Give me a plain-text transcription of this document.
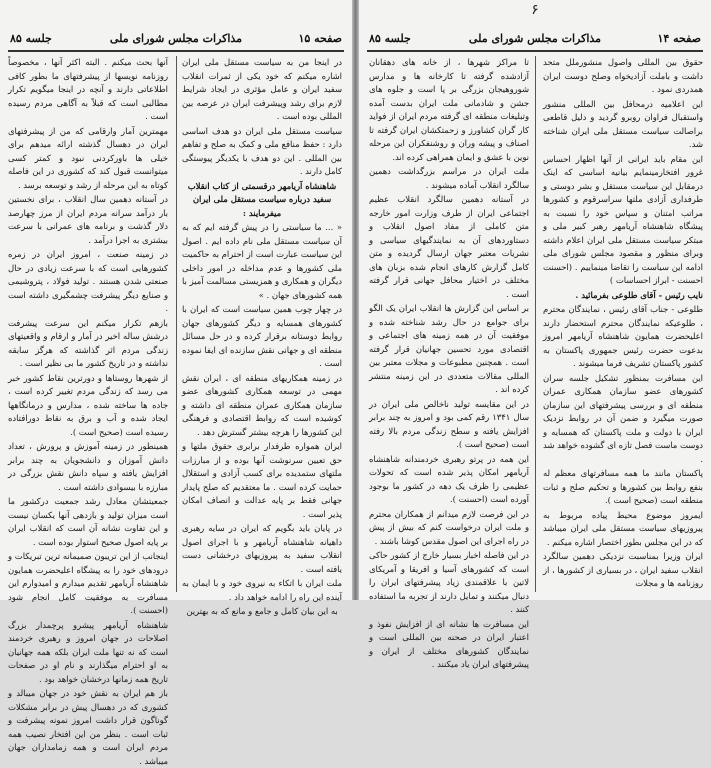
صفحه ۱۵
مذاکرات مجلس شورای ملی
جلسه ۸۵

در اینجا من به سیاست مستقل ملی ایران اشاره میکنم که خود یکی از ثمرات انقلاب سفید ایران و عامل مؤثری در ایجاد شرایط لازم برای رشد وپیشرفت ایران در عرصه بین المللی بوده است .

سیاست مستقل ملی ایران دو هدف اساسی دارد : حفظ منافع ملی و کمک به صلح و تفاهم بین المللی . این دو هدف با یکدیگر پیوستگی کامل دارند .

شاهنشاه آریامهر درقسمتی از کتاب انقلاب سفید درباره سیاست مستقل ملی ایران میفرمایند :

« ... ما سیاستی را در پیش گرفته ایم که به آن سیاست مستقل ملی نام داده ایم . اصول این سیاست عبارت است از احترام به حاکمیت ملی کشورها و عدم مداخله در امور داخلی دیگران و همکاری و همزیستی مسالمت آمیز با همه کشورهای جهان . »

در چهار چوب همین سیاست است که ایران با کشورهای همسایه و دیگر کشورهای جهان روابط دوستانه برقرار کرده و در حل مسائل منطقه ای و جهانی نقش سازنده ای ایفا نموده است .

در زمینه همکاریهای منطقه ای ، ایران نقش مهمی در توسعه همکاری کشورهای عضو سازمان همکاری عمران منطقه ای داشته و کوشیده است که روابط اقتصادی و فرهنگی این کشورها را هرچه بیشتر گسترش دهد .

ایران همواره طرفدار برابری حقوق ملتها و حق تعیین سرنوشت آنها بوده و از مبارزات ملتهای ستمدیده برای کسب آزادی و استقلال حمایت کرده است . ما معتقدیم که صلح پایدار جهانی فقط بر پایه عدالت و انصاف امکان پذیر است .

در پایان باید بگویم که ایران در سایه رهبری داهیانه شاهنشاه آریامهر و با اجرای اصول انقلاب سفید به پیروزیهای درخشانی دست یافته است .

ملت ایران با اتکاء به نیروی خود و با ایمان به آینده این راه را ادامه خواهد داد .

به این بیان کامل و جامع و مانع که به بهترین

آنها بحث میکنم . البته اکثر آنها ، مخصوصاً روزنامه نویسها از پیشرفتهای ما بطور کافی اطلاعاتی دارند و آنچه در اینجا میگویم تکرار مطالبی است که قبلاً به آگاهی مردم رسیده است .

مهمترین آمار وارقامی که من از پیشرفتهای ایران در دهسال گذشته ارائه میدهم برای خیلی ها باورکردنی نبود و کمتر کسی میتوانست قبول کند که کشوری در این فاصله کوتاه به این مرحله از رشد و توسعه برسد .

در آستانه دهمین سال انقلاب ، برای نخستین بار درآمد سرانه مردم ایران از مرز چهارصد دلار گذشت و برنامه های عمرانی با سرعت بیشتری به اجرا درآمد .

در زمینه صنعت ، امروز ایران در زمره کشورهایی است که با سرعت زیادی در حال صنعتی شدن هستند . تولید فولاد ، پتروشیمی و صنایع دیگر پیشرفت چشمگیری داشته است .

بازهم تکرار میکنم این سرعت پیشرفت درشش ساله اخیر در آمار و ارقام و واقعیتهای زندگی مردم اثر گذاشته که هرگز سابقه نداشته و در تاریخ کشور ما بی نظیر است .

از شهرها روستاها و دورترین نقاط کشور خبر می رسد که زندگی مردم تغییر کرده است ، جاده ها ساخته شده ، مدارس و درمانگاهها ایجاد شده و آب و برق به نقاط دورافتاده رسیده است (صحیح است ).

همینطور در زمینه آموزش و پرورش ، تعداد دانش آموزان و دانشجویان به چند برابر افزایش یافته و سپاه دانش نقش بزرگی در مبارزه با بیسوادی داشته است .

جمعیتشان معادل رشد جمعیت درکشور ما است میزان تولید و بازدهی آنها یکسان نیست و این تفاوت نشانه آن است که انقلاب ایران بر پایه اصول صحیح استوار بوده است .

اینجانب از این تریبون صمیمانه ترین تبریکات و درودهای خود را به پیشگاه اعلیحضرت همایون شاهنشاه آریامهر تقدیم میدارم و امیدوارم این مسافرت به موفقیت کامل انجام شود (احسنت ).

شاهنشاه آریامهر پیشرو پرچمدار بزرگ اصلاحات در جهان امروز و رهبری خردمند است که نه تنها ملت ایران بلکه همه جهانیان به او احترام میگذارند و نام او در صفحات تاریخ همه زمانها درخشان خواهد بود .

باز هم ایران به نقش خود در جهان میبالد و کشوری که در دهسال پیش در برابر مشکلات گوناگون قرار داشت امروز نمونه پیشرفت و ثبات است . بنظر من این افتخار نصیب همه مردم ایران است و همه زمامداران جهان میباشد .

۶
صفحه ۱۴
مذاکرات مجلس شورای ملی
جلسه ۸۵

حقوق بین المللی واصول منشورملل متحد داشت و باملت آزادیخواه وصلح دوست ایران همدردی نمود .

این اعلامیه درمحافل بین المللی منشور واستقبال فراوان روبرو گردید و دلیل قاطعی براصالت سیاست مستقل ملی ایران شناخته شد.

این مقام باید ایرانی از آنها اظهار احساس غرور افتخارمینمایم بیانیه اساسی که اینک درمقابل این سیاست مستقل و بشر دوستی و طرفداری آزادی ملتها سراسرقوم و کشورها مراتب امتنان و سپاس خود را نسبت به پیشگاه شاهنشاه آریامهر رهبر کبیر ملی و مبتکر سیاست مستقل ملی ایران اعلام داشته وبرای منظور و مقصود مجلس شورای ملی ادامه این سیاست را تقاضا مینماییم . (احسنت احسنت - ابراز احساسات )

نایب رئیس - آقای طلوعی بفرمائید .

طلوعی - جناب آقای رئیس ، نمایندگان محترم ، طلوعیکه نمایندگان محترم استحضار دارند اعلیحضرت همایون شاهنشاه آریامهر امروز بدعوت حضرت رئیس جمهوری پاکستان به کشور پاکستان تشریف فرما میشوند .

این مسافرت بمنظور تشکیل جلسه سران کشورهای عضو سازمان همکاری عمران منطقه ای و بررسی پیشرفتهای این سازمان صورت میگیرد و ضمن آن در روابط نزدیک ایران با دولت و ملت پاکستان که همسایه و دوست ماست فصل تازه ای گشوده خواهد شد .

پاکستان مانند ما همه مسافرتهای معظم له بنفع روابط بین کشورها و تحکیم صلح و ثبات منطقه است (صحیح است ).

ایمروز موضوع محیط پیاده مربوط به پیروزیهای سیاست مستقل ملی ایران میباشد که در این مجلس بطور اختصار اشاره میکنم .

ایران وزیرا بمناسبت نزدیکی دهمین سالگرد انقلاب سفید ایران ، در بسیاری از کشورها ، از روزنامه ها و مجلات

تا مراکز شهرها ، از خانه های دهقانان آزادشده گرفته تا کارخانه ها و مدارس شوروهیجان بزرگی بر پا است و جلوه های جشن و شادمانی ملت ایران بدست آمده وتبلیغات منطقه ای گرفته مردم ایران از فواید کار گران کشاورز و زحمتکشان ایران گرفته تا اصناف و پیشه وران و روشنفکران این مرحله نوین با عشق و ایمان همراهی کرده اند.

ملت ایران در مراسم بزرگداشت دهمین سالگرد انقلاب آماده میشوند .

در آستانه دهمین سالگرد انقلاب عظیم اجتماعی ایران از طرف وزارت امور خارجه متن کاملی از مفاد اصول انقلاب و دستاوردهای آن به نمایندگیهای سیاسی و نشریات معتبر جهان ارسال گردیده و متن کامل گزارش کارهای انجام شده بزبان های مختلف در اختیار محافل جهانی قرار گرفته است .

بر اساس این گزارش ها انقلاب ایران یک الگو برای جوامع در حال رشد شناخته شده و موفقیت آن در همه زمینه های اجتماعی و اقتصادی مورد تحسین جهانیان قرار گرفته است . همچنین مطبوعات و مجلات معتبر بین المللی مقالات متعددی در این زمینه منتشر کرده اند .

در این مقایسه تولید ناخالص ملی ایران در سال ۱۳۴۱ رقم کمی بود و امروز به چند برابر افزایش یافته و سطح زندگی مردم بالا رفته است (صحیح است ).

این همه در پرتو رهبری خردمندانه شاهنشاه آریامهر امکان پذیر شده است که تحولات عظیمی را ظرف یک دهه در کشور ما بوجود آورده است (احسنت ).

در این فرصت لازم میدانم از همکاران محترم و ملت ایران درخواست کنم که بیش از پیش در راه اجرای این اصول مقدس کوشا باشند .

در این فاصله اخبار بسیار خارج از کشور حاکی است که کشورهای آسیا و افریقا و آمریکای لاتین با علاقمندی زیاد پیشرفتهای ایران را دنبال میکنند و تمایل دارند از تجربه ما استفاده کنند .

این مسافرت ها نشانه ای از افزایش نفوذ و اعتبار ایران در صحنه بین المللی است و نمایندگان کشورهای مختلف از ایران و پیشرفتهای ایران یاد میکنند .
